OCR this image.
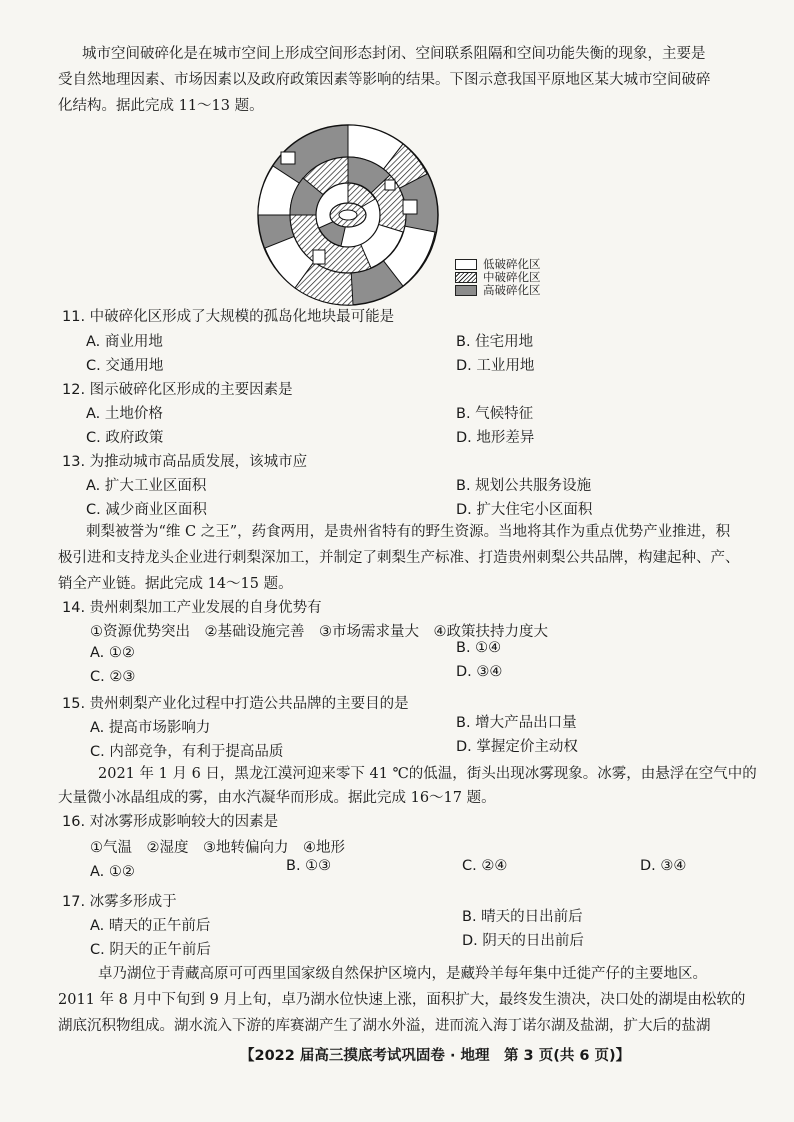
城市空间破碎化是在城市空间上形成空间形态封闭、空间联系阻隔和空间功能失衡的现象，主要是
受自然地理因素、市场因素以及政府政策因素等影响的结果。下图示意我国平原地区某大城市空间破碎
化结构。据此完成 11～13 题。
低破碎化区
中破碎化区
高破碎化区
11. 中破碎化区形成了大规模的孤岛化地块最可能是
A. 商业用地	B. 住宅用地
C. 交通用地	D. 工业用地
12. 图示破碎化区形成的主要因素是
A. 土地价格	B. 气候特征
C. 政府政策	D. 地形差异
13. 为推动城市高品质发展，该城市应
A. 扩大工业区面积	B. 规划公共服务设施
C. 减少商业区面积	D. 扩大住宅小区面积
刺梨被誉为“维 C 之王”，药食两用，是贵州省特有的野生资源。当地将其作为重点优势产业推进，积
极引进和支持龙头企业进行刺梨深加工，并制定了刺梨生产标准、打造贵州刺梨公共品牌，构建起种、产、
销全产业链。据此完成 14～15 题。
14. 贵州刺梨加工产业发展的自身优势有
①资源优势突出　②基础设施完善　③市场需求量大　④政策扶持力度大
A. ①②	B. ①④
C. ②③	D. ③④
15. 贵州刺梨产业化过程中打造公共品牌的主要目的是
A. 提高市场影响力	B. 增大产品出口量
C. 内部竞争，有利于提高品质	D. 掌握定价主动权
2021 年 1 月 6 日，黑龙江漠河迎来零下 41 ℃的低温，街头出现冰雾现象。冰雾，由悬浮在空气中的
大量微小冰晶组成的雾，由水汽凝华而形成。据此完成 16～17 题。
16. 对冰雾形成影响较大的因素是
①气温　②湿度　③地转偏向力　④地形
A. ①②	B. ①③	C. ②④	D. ③④
17. 冰雾多形成于
A. 晴天的正午前后
B. 晴天的日出前后
C. 阴天的正午前后
D. 阴天的日出前后
卓乃湖位于青藏高原可可西里国家级自然保护区境内，是藏羚羊每年集中迁徙产仔的主要地区。
2011 年 8 月中下旬到 9 月上旬，卓乃湖水位快速上涨，面积扩大，最终发生溃决，决口处的湖堤由松软的
湖底沉积物组成。湖水流入下游的库赛湖产生了湖水外溢，进而流入海丁诺尔湖及盐湖，扩大后的盐湖
【2022 届高三摸底考试巩固卷 · 地理　第 3 页(共 6 页)】
